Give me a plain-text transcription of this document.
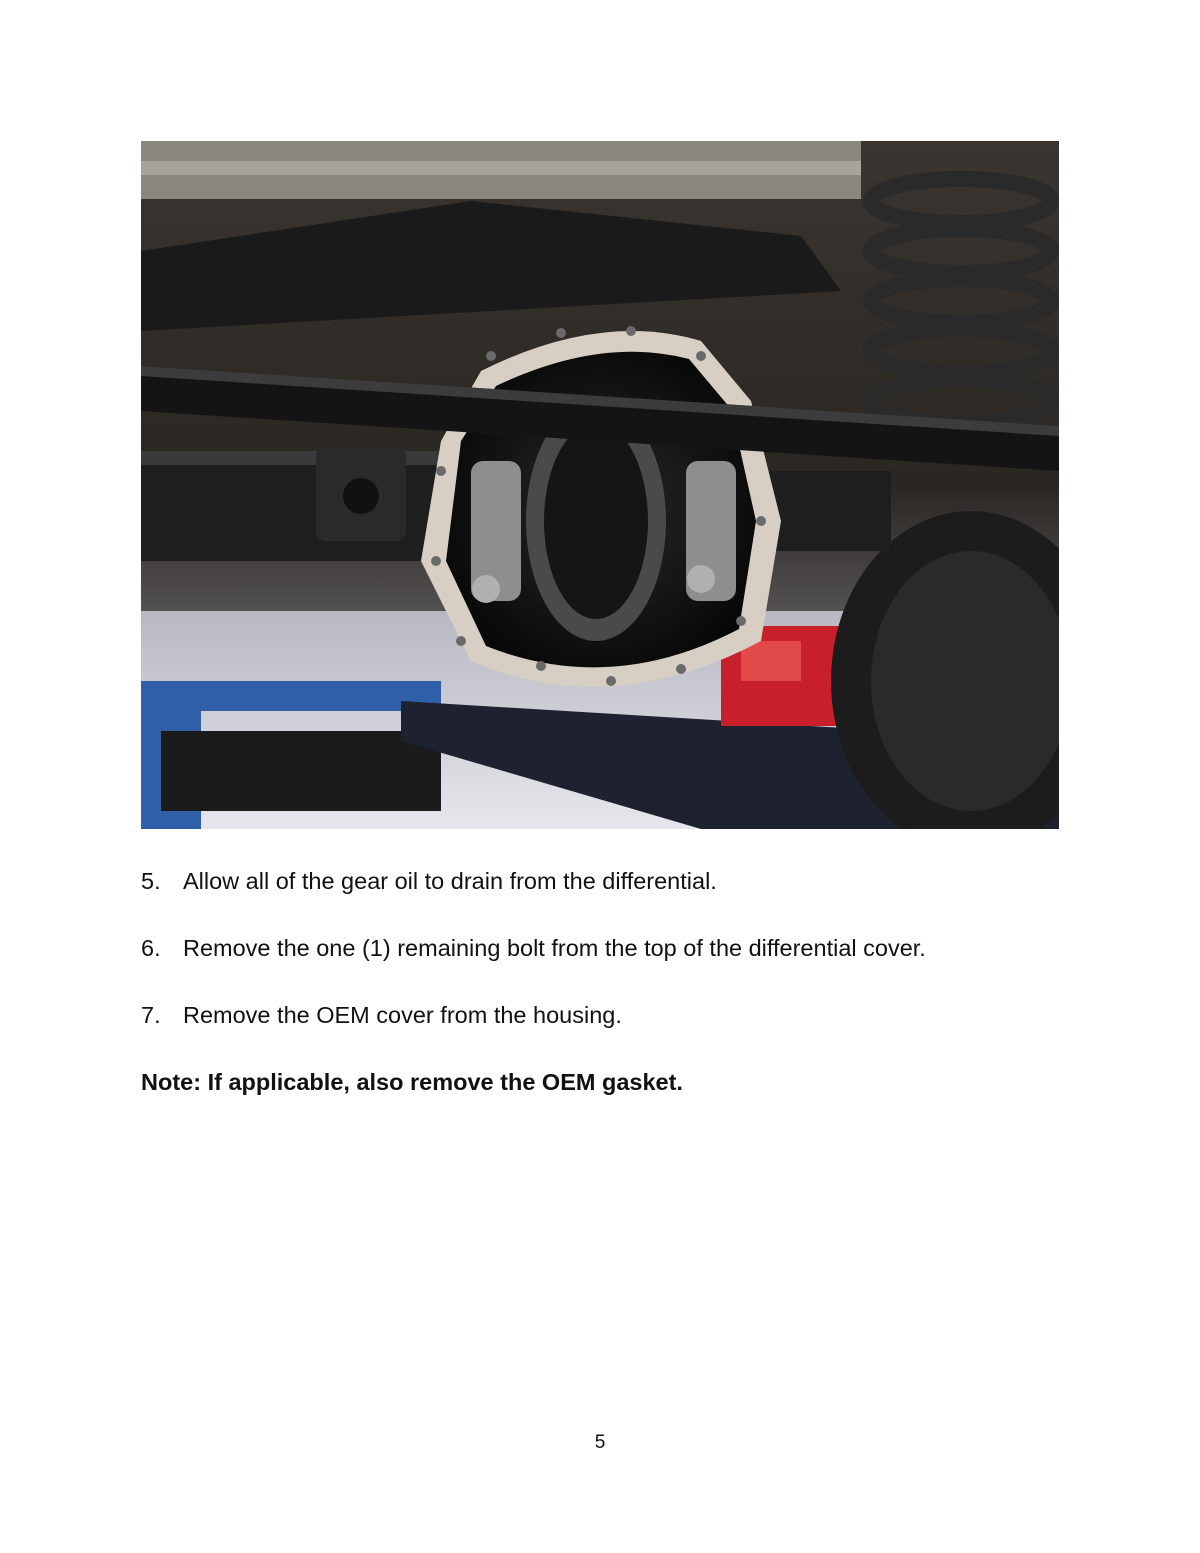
5. Allow all of the gear oil to drain from the differential.
6. Remove the one (1) remaining bolt from the top of the differential cover.
7. Remove the OEM cover from the housing.
Note: If applicable, also remove the OEM gasket.
5
